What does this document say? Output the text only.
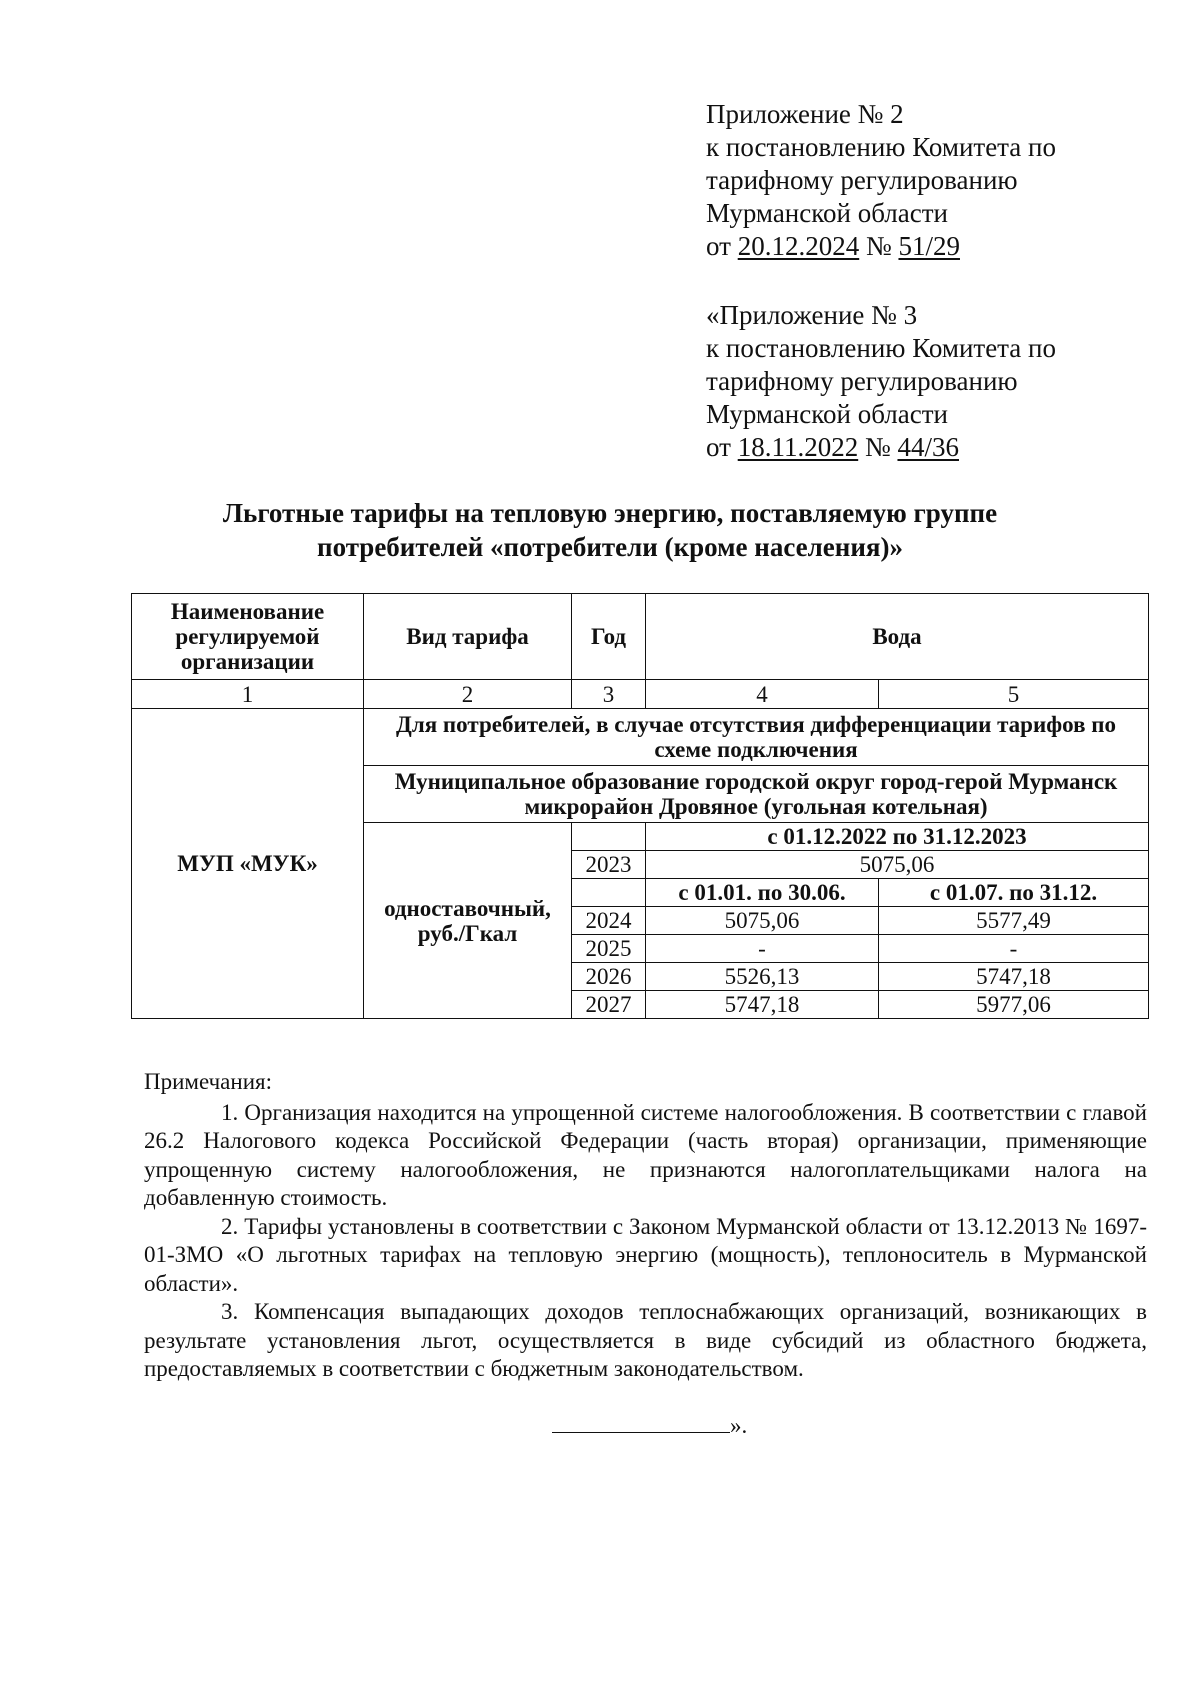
Приложение № 2
к постановлению Комитета по
тарифному регулированию
Мурманской области
от 20.12.2024 № 51/29
«Приложение № 3
к постановлению Комитета по
тарифному регулированию
Мурманской области
от 18.11.2022 № 44/36
Льготные тарифы на тепловую энергию, поставляемую группе
потребителей «потребители (кроме населения)»
Наименование регулируемой организации	Вид тарифа	Год	Вода	
1	2	3	4	5
МУП «МУК»	Для потребителей, в случае отсутствия дифференциации тарифов по схеме подключения			
	Муниципальное образование городской округ город-герой Мурманск микрорайон Дровяное (угольная котельная)			
	одноставочный, руб./Гкал		с 01.12.2022 по 31.12.2023	
		2023	5075,06	
			с 01.01. по 30.06.	с 01.07. по 31.12.
		2024	5075,06	5577,49
		2025	-	-
		2026	5526,13	5747,18
		2027	5747,18	5977,06

Примечания:

1. Организация находится на упрощенной системе налогообложения. В соответствии с главой 26.2 Налогового кодекса Российской Федерации (часть вторая) организации, применяющие упрощенную систему налогообложения, не признаются налогоплательщиками налога на добавленную стоимость.

2. Тарифы установлены в соответствии с Законом Мурманской области от 13.12.2013 № 1697-01-ЗМО «О льготных тарифах на тепловую энергию (мощность), теплоноситель в Мурманской области».

3. Компенсация выпадающих доходов теплоснабжающих организаций, возникающих в результате установления льгот, осуществляется в виде субсидий из областного бюджета, предоставляемых в соответствии с бюджетным законодательством.

».
